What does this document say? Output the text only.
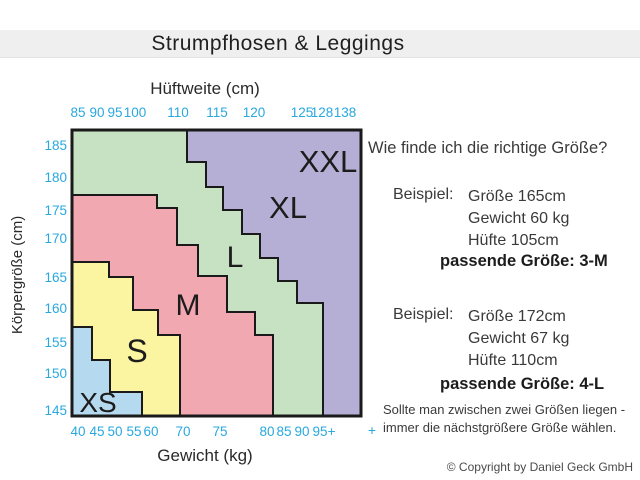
Strumpfhosen & Leggings
XXL
XL
L
M
S
XS
Hüftweite (cm)
Gewicht (kg)
Körpergröße (cm)
85 90 95 100 110 115 120 125
128 138
40 45 50 55 60 70 75 80 85 90 95+
185
180
175
170
165
160
155
150
145
+
Wie finde ich die richtige Größe?
Beispiel: Größe 165cm
Gewicht 60 kg
Hüfte 105cm
passende Größe: 3-M
Beispiel: Größe 172cm
Gewicht 67 kg
Hüfte 110cm
passende Größe: 4-L
Sollte man zwischen zwei Größen liegen -
immer die nächstgrößere Größe wählen.
© Copyright by Daniel Geck GmbH
